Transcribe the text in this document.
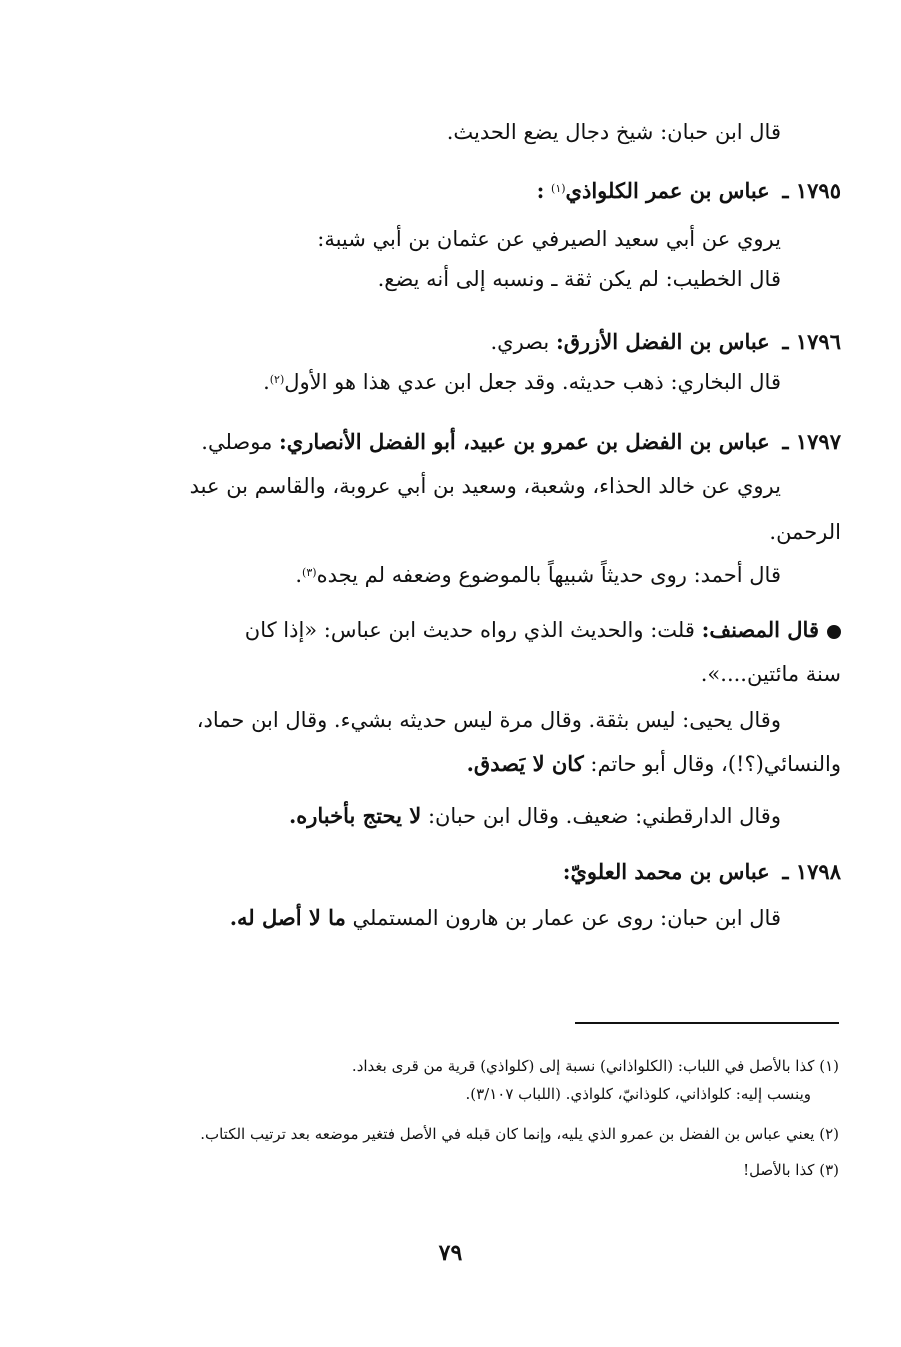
قال ابن حبان: شيخ دجال يضع الحديث.
١٧٩٥ ـ عباس بن عمر الكلواذي$^{(١)}$ :
يروي عن أبي سعيد الصيرفي عن عثمان بن أبي شيبة:
قال الخطيب: لم يكن ثقة ـ ونسبه إلى أنه يضع.
١٧٩٦ ـ عباس بن الفضل الأزرق: بصري.
قال البخاري: ذهب حديثه. وقد جعل ابن عدي هذا هو الأول$^{(٢)}$.
١٧٩٧ ـ عباس بن الفضل بن عمرو بن عبيد، أبو الفضل الأنصاري: موصلي.
يروي عن خالد الحذاء، وشعبة، وسعيد بن أبي عروبة، والقاسم بن عبد
الرحمن.
قال أحمد: روى حديثاً شبيهاً بالموضوع وضعفه لم يجده$^{(٣)}$.
قال المصنف: قلت: والحديث الذي رواه حديث ابن عباس: «إذا كان
سنة مائتين....».
وقال يحيى: ليس بثقة. وقال مرة ليس حديثه بشيء. وقال ابن حماد،
والنسائي(؟!)، وقال أبو حاتم: كان لا يَصدق.
وقال الدارقطني: ضعيف. وقال ابن حبان: لا يحتج بأخباره.
١٧٩٨ ـ عباس بن محمد العلويّ:
قال ابن حبان: روى عن عمار بن هارون المستملي ما لا أصل له.
(١) كذا بالأصل في اللباب: (الكلواذاني) نسبة إلى (كلواذي) قرية من قرى بغداد.
وينسب إليه: كلواذاني، كلوذانيّ، كلواذي. (اللباب ٣/١٠٧).
(٢) يعني عباس بن الفضل بن عمرو الذي يليه، وإنما كان قبله في الأصل فتغير موضعه بعد ترتيب الكتاب.
(٣) كذا بالأصل!
٧٩
